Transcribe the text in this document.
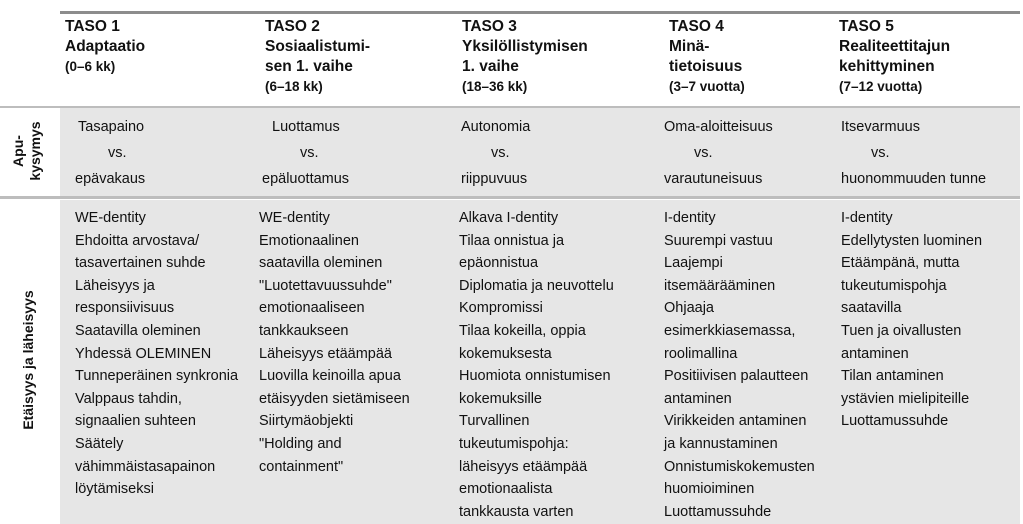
Apu-
kysymys
Etäisyys ja läheisyys
TASO 1
Adaptaatio
(0–6 kk)
Tasapaino
vs.
epävakaus
WE-dentity
Ehdoitta arvostava/
tasavertainen suhde
Läheisyys ja
responsiivisuus
Saatavilla oleminen
Yhdessä OLEMINEN
Tunneperäinen synkronia
Valppaus tahdin,
signaalien suhteen
Säätely
vähimmäistasapainon
löytämiseksi
TASO 2
Sosiaalistumi-
sen 1. vaihe
(6–18 kk)
Luottamus
vs.
epäluottamus
WE-dentity
Emotionaalinen
saatavilla oleminen
"Luotettavuussuhde"
emotionaaliseen
tankkaukseen
Läheisyys etäämpää
Luovilla keinoilla apua
etäisyyden sietämiseen
Siirtymäobjekti
"Holding and
containment"
TASO 3
Yksilöllistymisen
1. vaihe
(18–36 kk)
Autonomia
vs.
riippuvuus
Alkava I-dentity
Tilaa onnistua ja
epäonnistua
Diplomatia ja neuvottelu
Kompromissi
Tilaa kokeilla, oppia
kokemuksesta
Huomiota onnistumisen
kokemuksille
Turvallinen
tukeutumispohja:
läheisyys etäämpää
emotionaalista
tankkausta varten
TASO 4
Minä-
tietoisuus
(3–7 vuotta)
Oma-aloitteisuus
vs.
varautuneisuus
I-dentity
Suurempi vastuu
Laajempi
itsemäärääminen
Ohjaaja
esimerkkiasemassa,
roolimallina
Positiivisen palautteen
antaminen
Virikkeiden antaminen
ja kannustaminen
Onnistumiskokemusten
huomioiminen
Luottamussuhde
TASO 5
Realiteettitajun
kehittyminen
(7–12 vuotta)
Itsevarmuus
vs.
huonommuuden tunne
I-dentity
Edellytysten luominen
Etäämpänä, mutta
tukeutumispohja
saatavilla
Tuen ja oivallusten
antaminen
Tilan antaminen
ystävien mielipiteille
Luottamussuhde
